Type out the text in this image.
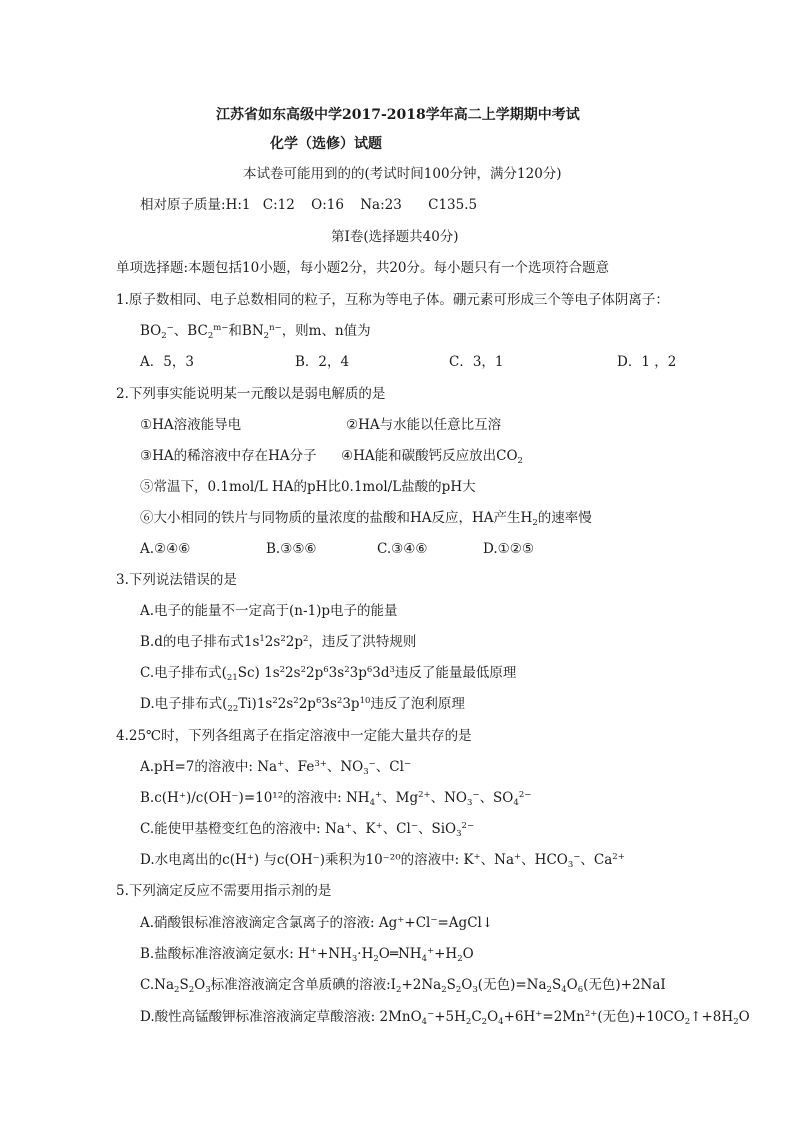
江苏省如东高级中学2017-2018学年高二上学期期中考试
化学（选修）试题
本试卷可能用到的的(考试时间100分钟，满分120分)
相对原子质量:H:1 C:12 O:16 Na:23 C135.5
第Ⅰ卷(选择题共40分)
单项选择题:本题包括10小题，每小题2分，共20分。每小题只有一个选项符合题意
1.原子数相同、电子总数相同的粒子，互称为等电子体。硼元素可形成三个等电子体阴离子：
$BO_2^-$、$BC_2^{m-}$和$BN_2^{n-}$，则m、n值为
A．5，3	B．2，4	C．3，1	D．1 ，2
2.下列事实能说明某一元酸以是弱电解质的是
①HA溶液能导电	②HA与水能以任意比互溶
③HA的稀溶液中存在HA分子 ④HA能和碳酸钙反应放出$CO_2$
⑤常温下，0.1mol/L HA的pH比0.1mol/L盐酸的pH大
⑥大小相同的铁片与同物质的量浓度的盐酸和HA反应，HA产生$H_2$的速率慢
A.②④⑥	B.③⑤⑥	C.③④⑥	D.①②⑤
3.下列说法错误的是
A.电子的能量不一定高于(n-1)p电子的能量
B.d的电子排布式$1s^12s^22p^2$，违反了洪特规则
C.电子排布式$(_{21}Sc)$ $1s^22s^22p^63s^23p^63d^3$违反了能量最低原理
D.电子排布式$(_{22}Ti)1s^22s^22p^63s^23p^{10}$违反了泡利原理
4.25℃时，下列各组离子在指定溶液中一定能大量共存的是
A.pH=7的溶液中: Na+、$Fe^{3+}$、$NO_3^-$、Cl−
B.c(H⁺)/c(OH⁻)=10¹²的溶液中: $NH_4^+$、$Mg^{2+}$、$NO_3^-$、$SO_4^{2-}$
C.能使甲基橙变红色的溶液中: Na+、K+、Cl−、SiO$_3^{2-}$
D.水电离出的c(H⁺) 与c(OH⁻)乘积为10⁻²⁰的溶液中: K+、Na+、$HCO_3^-$、$Ca^{2+}$
5.下列滴定反应不需要用指示剂的是
A.硝酸银标准溶液滴定含氯离子的溶液: Ag++Cl−=AgCl↓
B.盐酸标准溶液滴定氨水: $H^++NH_3\cdot H_2O═NH_4^++H_2O$
$C.Na_2S_2O_3$标准溶液滴定含单质碘的溶液$:I_2+2Na_2S_2O_3$(无色)$=Na_2S_4O_6$(无色)+2NaI
D.酸性高锰酸钾标准溶液滴定草酸溶液: $2MnO_4^-+5H_2C_2O_4+6H^+=2Mn^{2+}$(无色)$+10CO_2↑+8H_2O$
